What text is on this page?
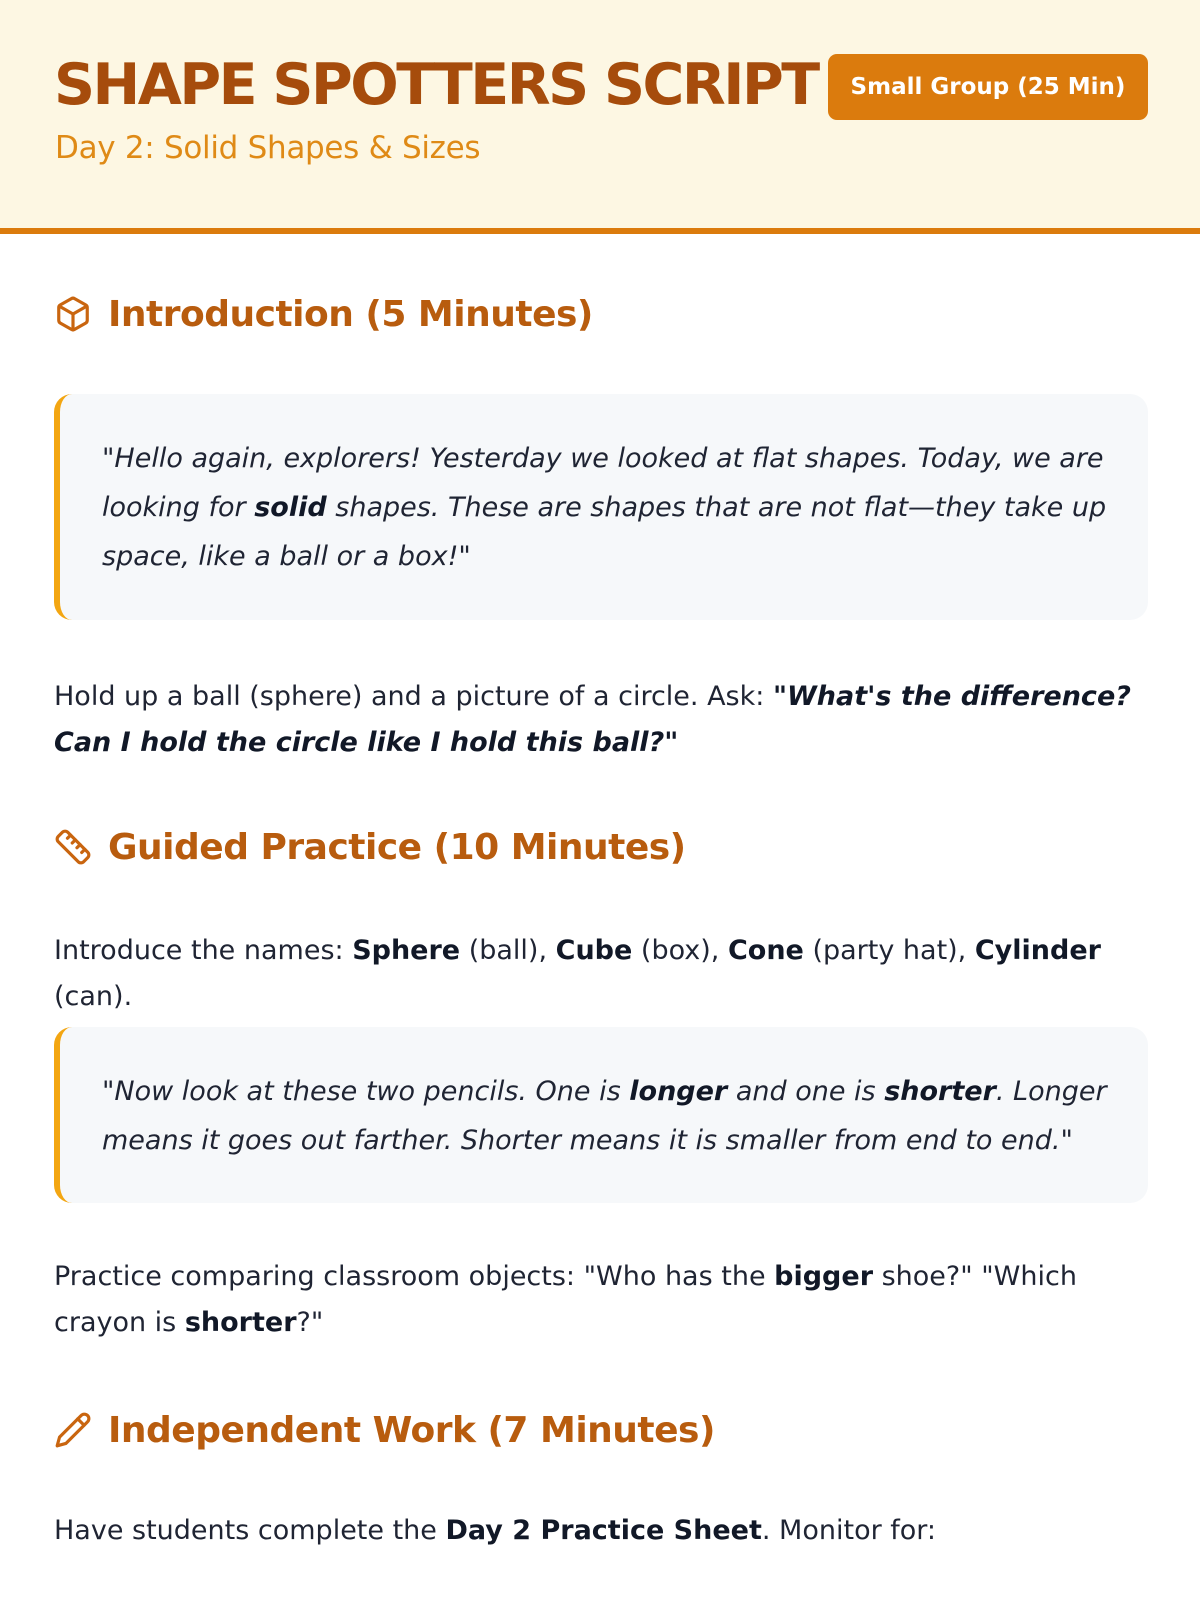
SHAPE SPOTTERS SCRIPT
Day 2: Solid Shapes & Sizes
Small Group (25 Min)
Introduction (5 Minutes)
"Hello again, explorers! Yesterday we looked at flat shapes. Today, we are looking for solid shapes. These are shapes that are not flat—they take up space, like a ball or a box!"
Hold up a ball (sphere) and a picture of a circle. Ask: "What's the difference? Can I hold the circle like I hold this ball?"
Guided Practice (10 Minutes)
Introduce the names: Sphere (ball), Cube (box), Cone (party hat), Cylinder (can).
"Now look at these two pencils. One is longer and one is shorter. Longer means it goes out farther. Shorter means it is smaller from end to end."
Practice comparing classroom objects: "Who has the bigger shoe?" "Which crayon is shorter?"
Independent Work (7 Minutes)
Have students complete the Day 2 Practice Sheet. Monitor for:
